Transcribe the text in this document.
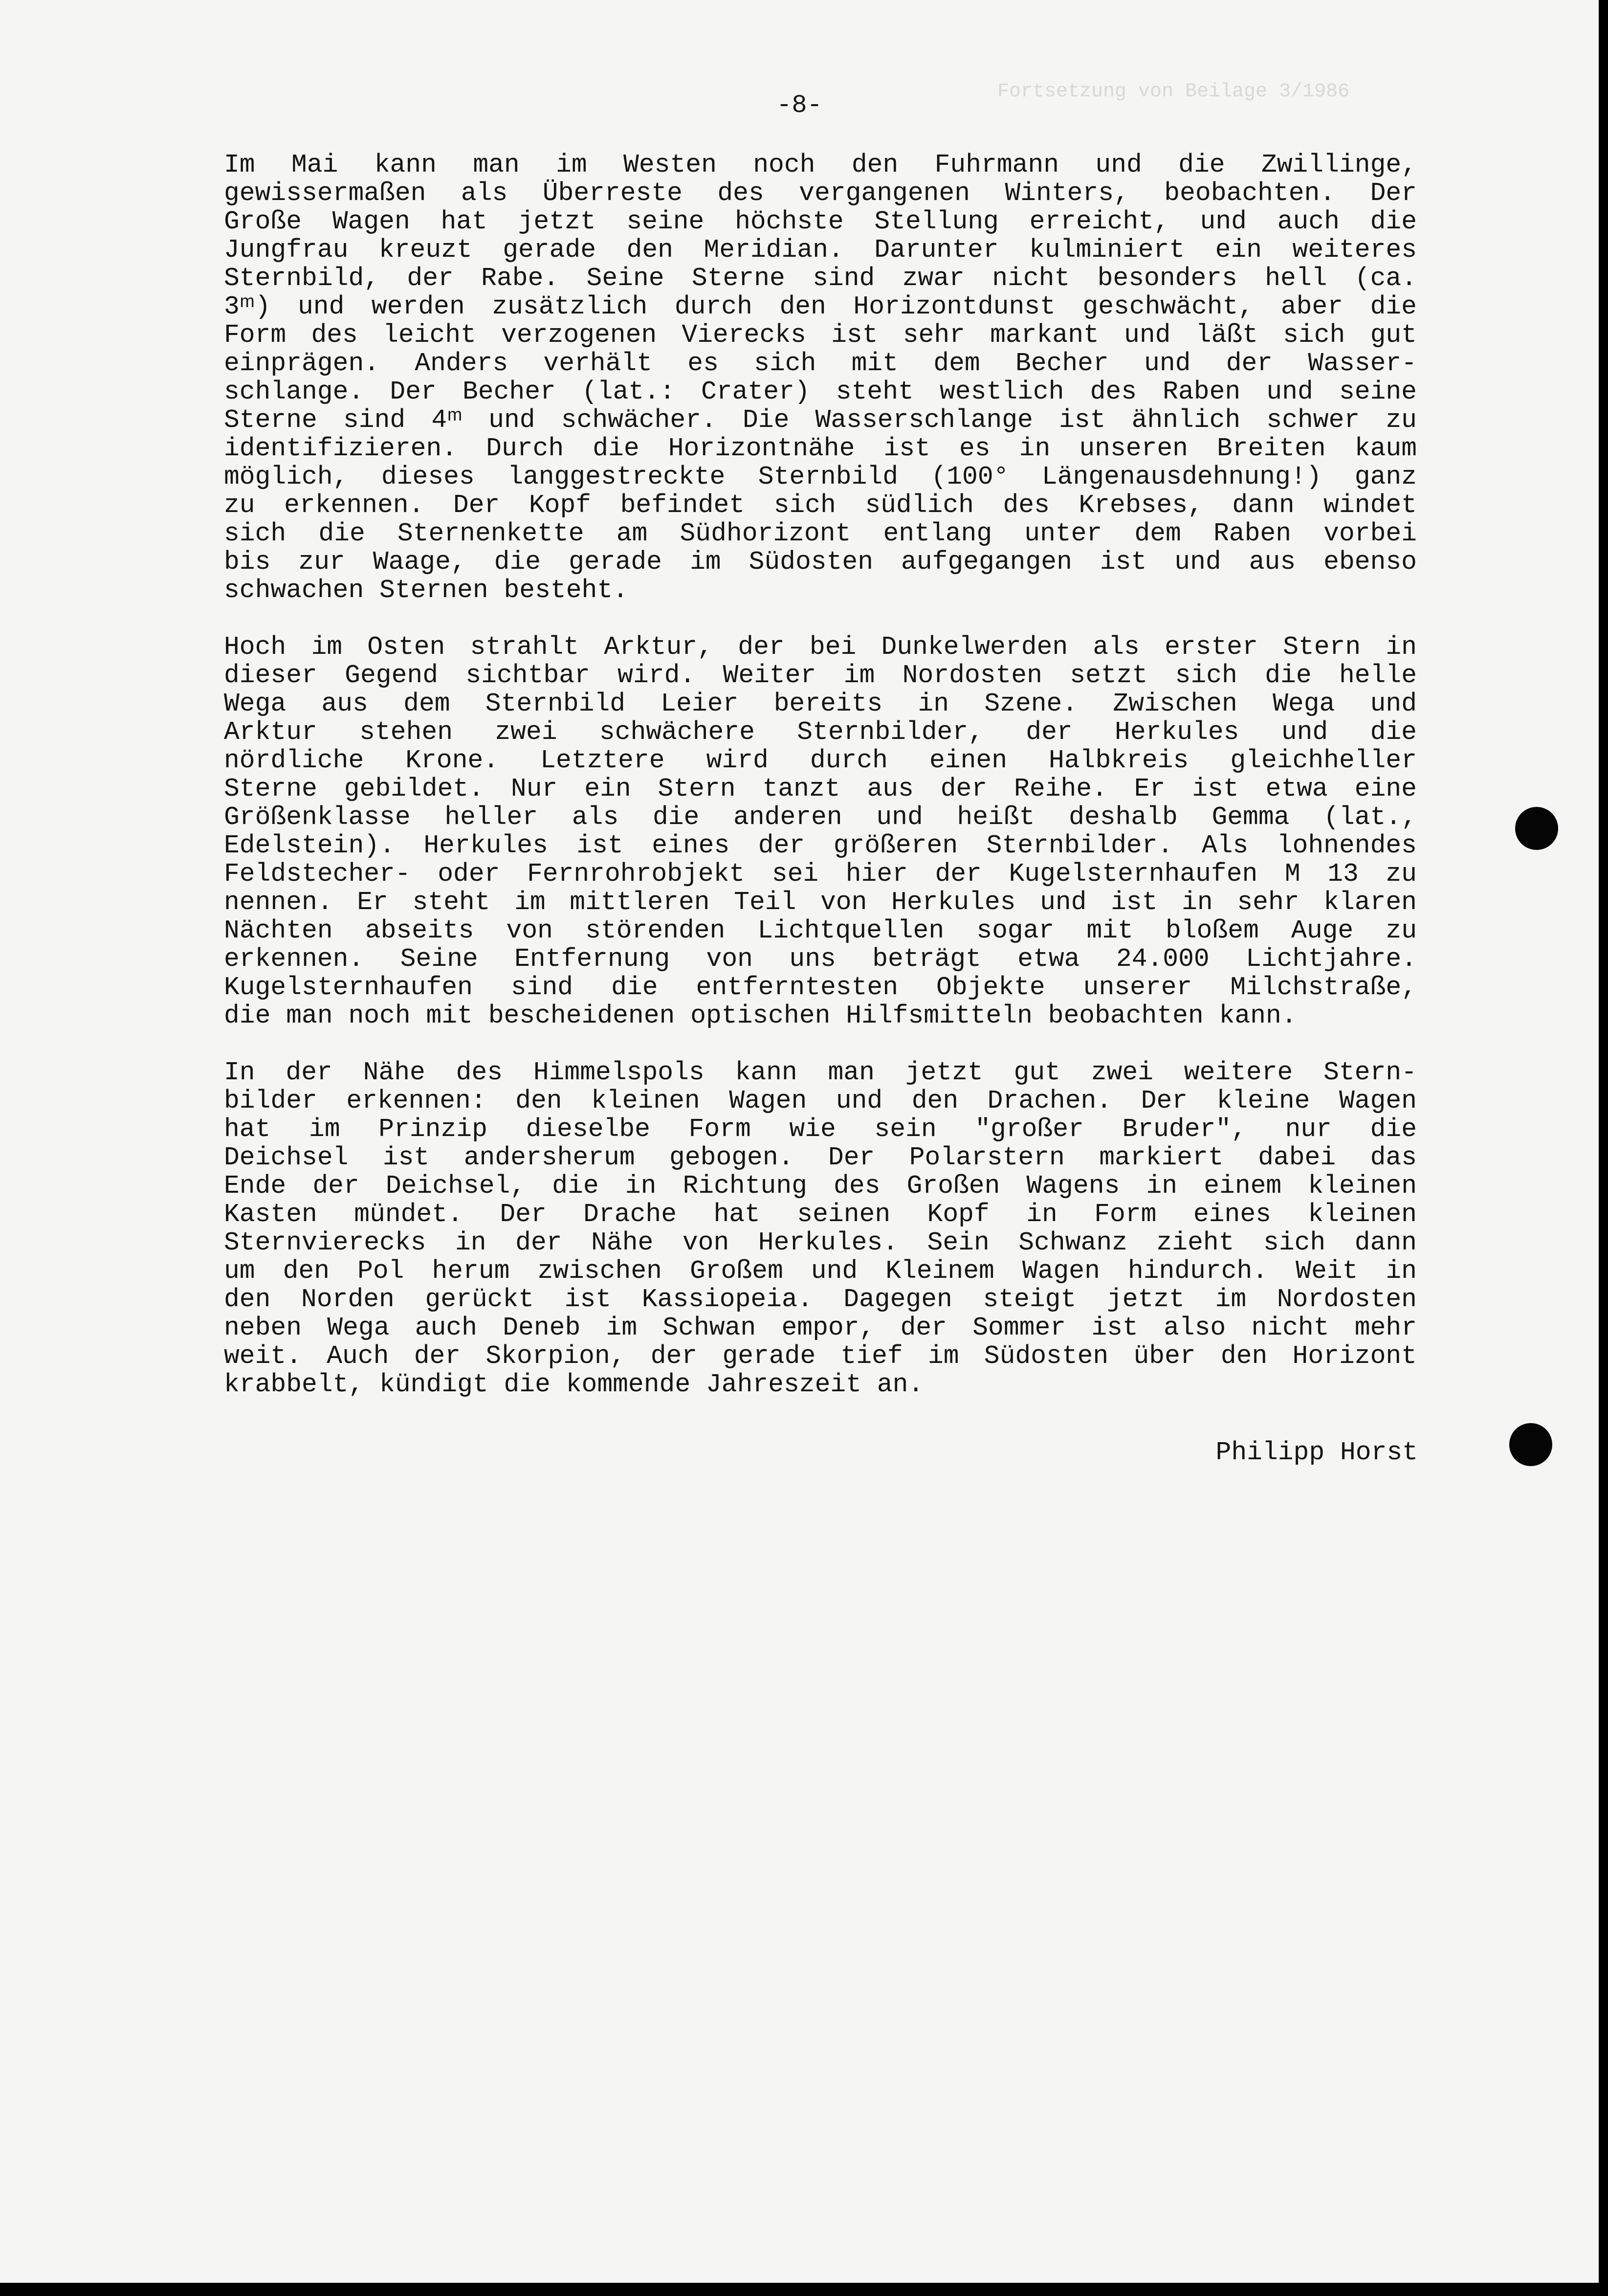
Fortsetzung von Beilage 3/1986
-8-
Im Mai kann man im Westen noch den Fuhrmann und die Zwillinge,
gewissermaßen als Überreste des vergangenen Winters, beobachten. Der
Große Wagen hat jetzt seine höchste Stellung erreicht, und auch die
Jungfrau kreuzt gerade den Meridian. Darunter kulminiert ein weiteres
Sternbild, der Rabe. Seine Sterne sind zwar nicht besonders hell (ca.
3ᵐ) und werden zusätzlich durch den Horizontdunst geschwächt, aber die
Form des leicht verzogenen Vierecks ist sehr markant und läßt sich gut
einprägen. Anders verhält es sich mit dem Becher und der Wasser-
schlange. Der Becher (lat.: Crater) steht westlich des Raben und seine
Sterne sind 4ᵐ und schwächer. Die Wasserschlange ist ähnlich schwer zu
identifizieren. Durch die Horizontnähe ist es in unseren Breiten kaum
möglich, dieses langgestreckte Sternbild (100° Längenausdehnung!) ganz
zu erkennen. Der Kopf befindet sich südlich des Krebses, dann windet
sich die Sternenkette am Südhorizont entlang unter dem Raben vorbei
bis zur Waage, die gerade im Südosten aufgegangen ist und aus ebenso
schwachen Sternen besteht.
Hoch im Osten strahlt Arktur, der bei Dunkelwerden als erster Stern in
dieser Gegend sichtbar wird. Weiter im Nordosten setzt sich die helle
Wega aus dem Sternbild Leier bereits in Szene. Zwischen Wega und
Arktur stehen zwei schwächere Sternbilder, der Herkules und die
nördliche Krone. Letztere wird durch einen Halbkreis gleichheller
Sterne gebildet. Nur ein Stern tanzt aus der Reihe. Er ist etwa eine
Größenklasse heller als die anderen und heißt deshalb Gemma (lat.,
Edelstein). Herkules ist eines der größeren Sternbilder. Als lohnendes
Feldstecher- oder Fernrohrobjekt sei hier der Kugelsternhaufen M 13 zu
nennen. Er steht im mittleren Teil von Herkules und ist in sehr klaren
Nächten abseits von störenden Lichtquellen sogar mit bloßem Auge zu
erkennen. Seine Entfernung von uns beträgt etwa 24.000 Lichtjahre.
Kugelsternhaufen sind die entferntesten Objekte unserer Milchstraße,
die man noch mit bescheidenen optischen Hilfsmitteln beobachten kann.
In der Nähe des Himmelspols kann man jetzt gut zwei weitere Stern-
bilder erkennen: den kleinen Wagen und den Drachen. Der kleine Wagen
hat im Prinzip dieselbe Form wie sein "großer Bruder", nur die
Deichsel ist andersherum gebogen. Der Polarstern markiert dabei das
Ende der Deichsel, die in Richtung des Großen Wagens in einem kleinen
Kasten mündet. Der Drache hat seinen Kopf in Form eines kleinen
Sternvierecks in der Nähe von Herkules. Sein Schwanz zieht sich dann
um den Pol herum zwischen Großem und Kleinem Wagen hindurch. Weit in
den Norden gerückt ist Kassiopeia. Dagegen steigt jetzt im Nordosten
neben Wega auch Deneb im Schwan empor, der Sommer ist also nicht mehr
weit. Auch der Skorpion, der gerade tief im Südosten über den Horizont
krabbelt, kündigt die kommende Jahreszeit an.
Philipp Horst
